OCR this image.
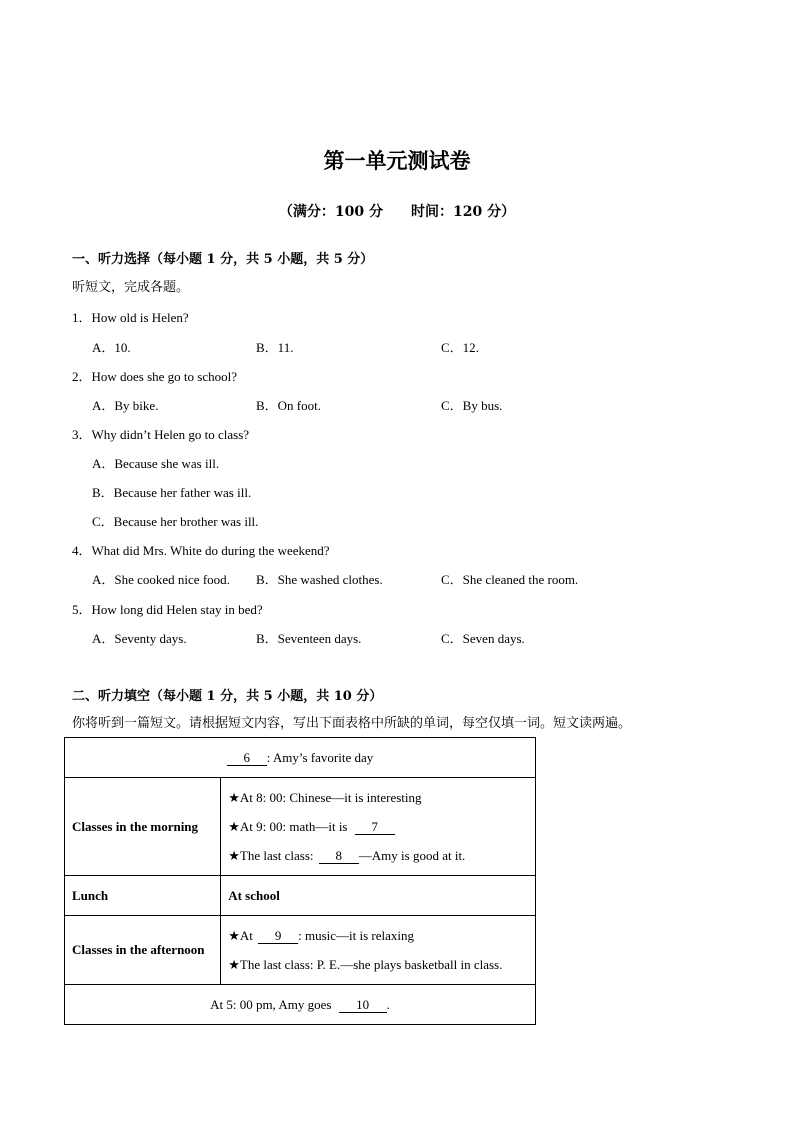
第一单元测试卷
（满分：100 分 时间：120 分）
一、听力选择（每小题 1 分，共 5 小题，共 5 分）
听短文，完成各题。
1．How old is Helen?
A．10.	B．11.	C．12.
2．How does she go to school?
A．By bike.	B．On foot.	C．By bus.
3．Why didn’t Helen go to class?
A．Because she was ill.
B．Because her father was ill.
C．Because her brother was ill.
4．What did Mrs. White do during the weekend?
A．She cooked nice food. B．She washed clothes.	C．She cleaned the room.
5．How long did Helen stay in bed?
A．Seventy days.	B．Seventeen days.	C．Seven days.
二、听力填空（每小题 1 分，共 5 小题，共 10 分）
你将听到一篇短文。请根据短文内容，写出下面表格中所缺的单词，每空仅填一词。短文读两遍。
6 : Amy’s favorite day	
Classes in the morning	★At 8: 00: Chinese—it is interesting
★At 9: 00: math—it is 7
★The last class: 8 —Amy is good at it.

Lunch	At school
Classes in the afternoon	★At 9 : music—it is relaxing
★The last class: P. E.—she plays basketball in class.

At 5: 00 pm, Amy goes 10 .	
